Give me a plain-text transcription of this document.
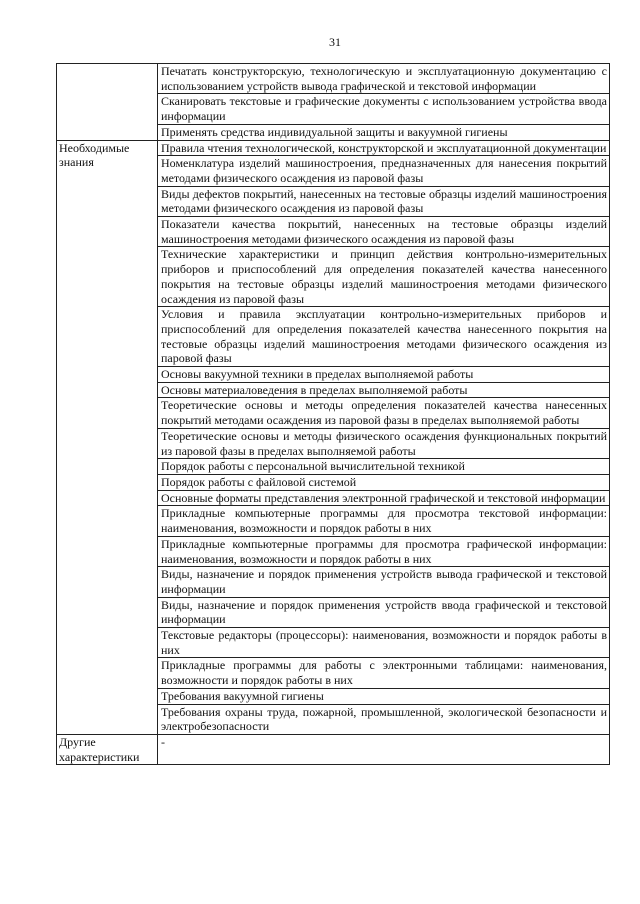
31
	Печатать конструкторскую, технологическую и эксплуатационную документацию с использованием устройств вывода графической и текстовой информации
	Сканировать текстовые и графические документы с использованием устройства ввода информации
	Применять средства индивидуальной защиты и вакуумной гигиены
Необходимые знания	Правила чтения технологической, конструкторской и эксплуатационной документации
	Номенклатура изделий машиностроения, предназначенных для нанесения покрытий методами физического осаждения из паровой фазы
	Виды дефектов покрытий, нанесенных на тестовые образцы изделий машиностроения методами физического осаждения из паровой фазы
	Показатели качества покрытий, нанесенных на тестовые образцы изделий машиностроения методами физического осаждения из паровой фазы
	Технические характеристики и принцип действия контрольно-измерительных приборов и приспособлений для определения показателей качества нанесенного покрытия на тестовые образцы изделий машиностроения методами физического осаждения из паровой фазы
	Условия и правила эксплуатации контрольно-измерительных приборов и приспособлений для определения показателей качества нанесенного покрытия на тестовые образцы изделий машиностроения методами физического осаждения из паровой фазы
	Основы вакуумной техники в пределах выполняемой работы
	Основы материаловедения в пределах выполняемой работы
	Теоретические основы и методы определения показателей качества нанесенных покрытий методами осаждения из паровой фазы в пределах выполняемой работы
	Теоретические основы и методы физического осаждения функциональных покрытий из паровой фазы в пределах выполняемой работы
	Порядок работы с персональной вычислительной техникой
	Порядок работы с файловой системой
	Основные форматы представления электронной графической и текстовой информации
	Прикладные компьютерные программы для просмотра текстовой информации: наименования, возможности и порядок работы в них
	Прикладные компьютерные программы для просмотра графической информации: наименования, возможности и порядок работы в них
	Виды, назначение и порядок применения устройств вывода графической и текстовой информации
	Виды, назначение и порядок применения устройств ввода графической и текстовой информации
	Текстовые редакторы (процессоры): наименования, возможности и порядок работы в них
	Прикладные программы для работы с электронными таблицами: наименования, возможности и порядок работы в них
	Требования вакуумной гигиены
	Требования охраны труда, пожарной, промышленной, экологической безопасности и электробезопасности
Другие характеристики	-
